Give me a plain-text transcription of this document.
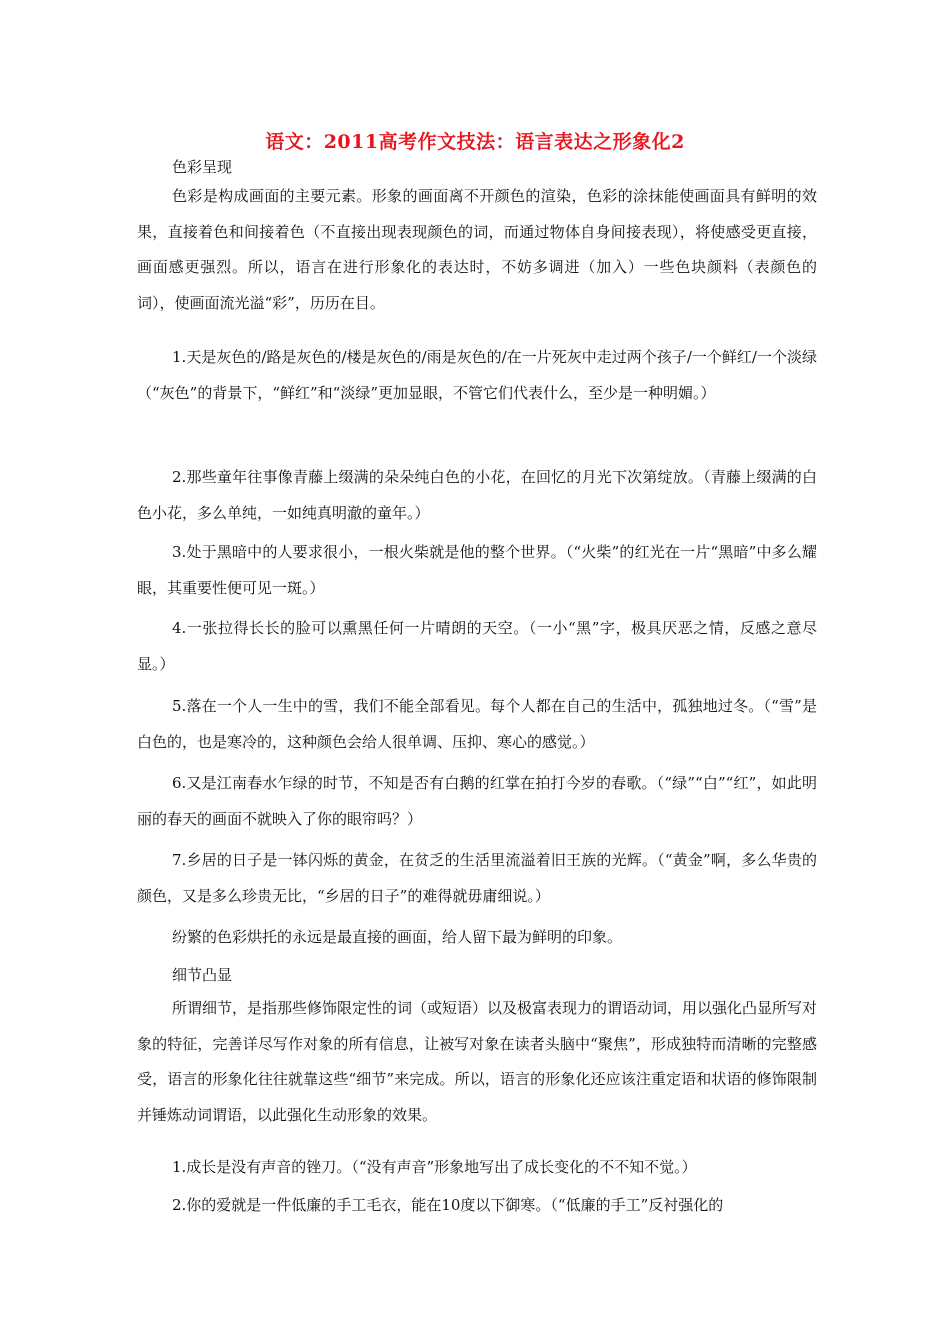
语文：2011高考作文技法：语言表达之形象化2
色彩呈现
色彩是构成画面的主要元素。形象的画面离不开颜色的渲染，色彩的涂抹能使画面具有鲜明的效果，直接着色和间接着色（不直接出现表现颜色的词，而通过物体自身间接表现），将使感受更直接，画面感更强烈。所以，语言在进行形象化的表达时，不妨多调进（加入）一些色块颜料（表颜色的词），使画面流光溢“彩”，历历在目。
1.天是灰色的/路是灰色的/楼是灰色的/雨是灰色的/在一片死灰中走过两个孩子/一个鲜红/一个淡绿（“灰色”的背景下，“鲜红”和“淡绿”更加显眼，不管它们代表什么，至少是一种明媚。）
2.那些童年往事像青藤上缀满的朵朵纯白色的小花，在回忆的月光下次第绽放。（青藤上缀满的白色小花，多么单纯，一如纯真明澈的童年。）
3.处于黑暗中的人要求很小，一根火柴就是他的整个世界。（“火柴”的红光在一片“黑暗”中多么耀眼，其重要性便可见一斑。）
4.一张拉得长长的脸可以熏黑任何一片晴朗的天空。（一小“黑”字，极具厌恶之情，反感之意尽显。）
5.落在一个人一生中的雪，我们不能全部看见。每个人都在自己的生活中，孤独地过冬。（“雪”是白色的，也是寒冷的，这种颜色会给人很单调、压抑、寒心的感觉。）
6.又是江南春水乍绿的时节，不知是否有白鹅的红掌在拍打今岁的春歌。（“绿”“白”“红”，如此明丽的春天的画面不就映入了你的眼帘吗？）
7.乡居的日子是一钵闪烁的黄金，在贫乏的生活里流溢着旧王族的光辉。（“黄金”啊，多么华贵的颜色，又是多么珍贵无比，“乡居的日子”的难得就毋庸细说。）
纷繁的色彩烘托的永远是最直接的画面，给人留下最为鲜明的印象。
细节凸显
所谓细节，是指那些修饰限定性的词（或短语）以及极富表现力的谓语动词，用以强化凸显所写对象的特征，完善详尽写作对象的所有信息，让被写对象在读者头脑中“聚焦”，形成独特而清晰的完整感受，语言的形象化往往就靠这些“细节”来完成。所以，语言的形象化还应该注重定语和状语的修饰限制并锤炼动词谓语，以此强化生动形象的效果。
1.成长是没有声音的锉刀。（“没有声音”形象地写出了成长变化的不不知不觉。）
2.你的爱就是一件低廉的手工毛衣，能在10度以下御寒。（“低廉的手工”反衬强化的
